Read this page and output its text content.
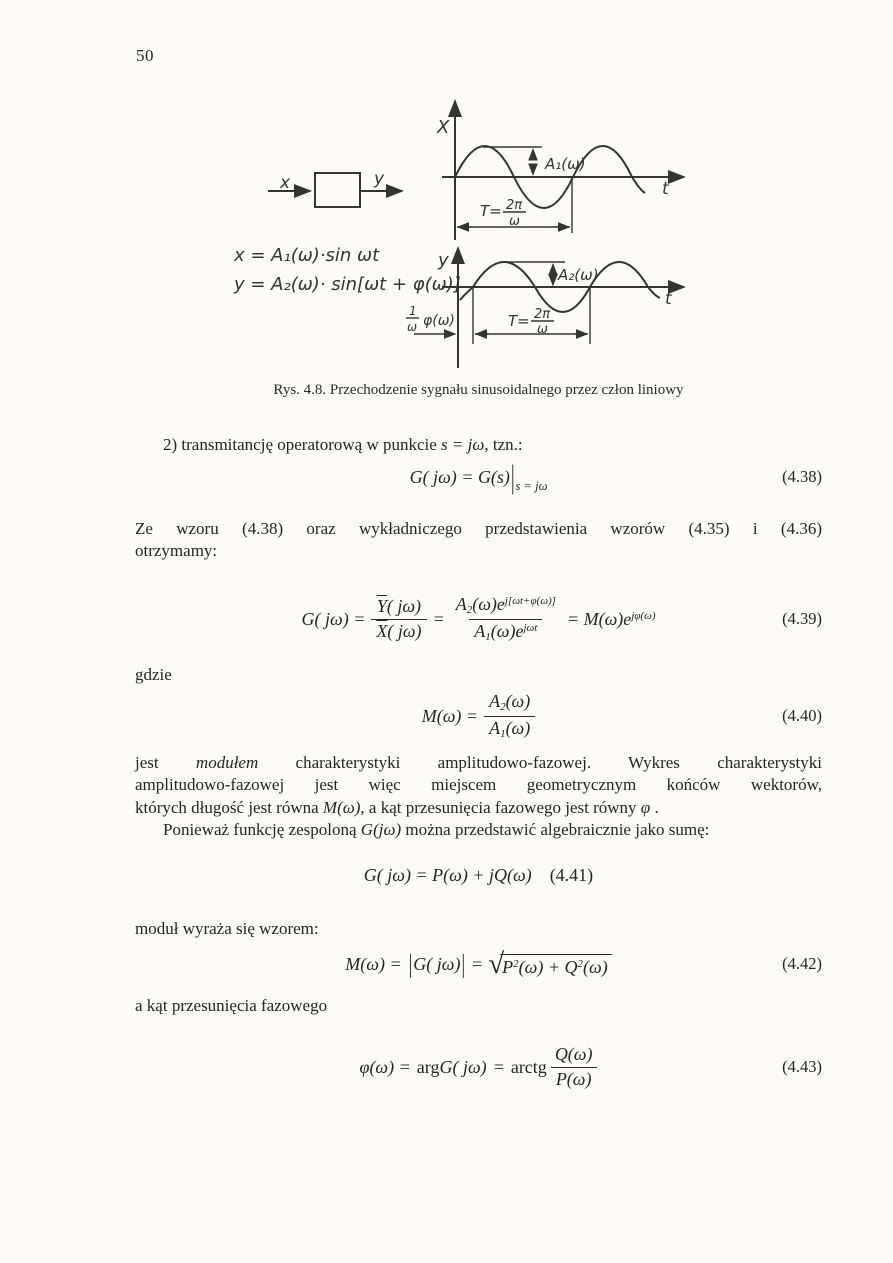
50
x	y
X
t
A₁(ω)
T= 2π
ω
y
t
A₂(ω)
T= 2π
ω
1
ω φ(ω)
x = A₁(ω)·sin ωt
y = A₂(ω)· sin[ωt + φ(ω)]
Rys. 4.8. Przechodzenie sygnału sinusoidalnego przez człon liniowy
2) transmitancję operatorową w punkcie s = jω, tzn.:
G( $j\omega) = G(s)|_{s = j\omega}$	(4.38)
Ze wzoru (4.38) oraz wykładniczego przedstawienia wzorów (4.35) i (4.36)
otrzymamy:
G( $j\omega) = \frac{\overline{Y}( j\omega)}{\overline{X}( j\omega)} = \frac{A_2(\omega)e^{j[\omega t+\varphi(\omega)]}}{A_1(\omega)e^{j\omega t}} = M(\omega)e^{j\varphi(\omega)}$	(4.39)
gdzie
$M(\omega) = \frac{A_2(\omega)}{A_1(\omega)}$	(4.40)
jest modułem charakterystyki amplitudowo-fazowej. Wykres charakterystyki
amplitudowo-fazowej jest więc miejscem geometrycznym końców wektorów,
których długość jest równa M(ω), a kąt przesunięcia fazowego jest równy φ .
Ponieważ funkcję zespoloną G(jω) można przedstawić algebraicznie jako sumę:
G( jω) = P(ω) + jQ(ω) (4.41)
moduł wyraża się wzorem:
M(ω) = |G( $j\omega)| = √P^2(\omega) + Q^2(\omega)$	(4.42)
a kąt przesunięcia fazowego
φ(ω) = argG( jω) = arctg $\frac{Q(\omega)}{P(\omega)}$	(4.43)
